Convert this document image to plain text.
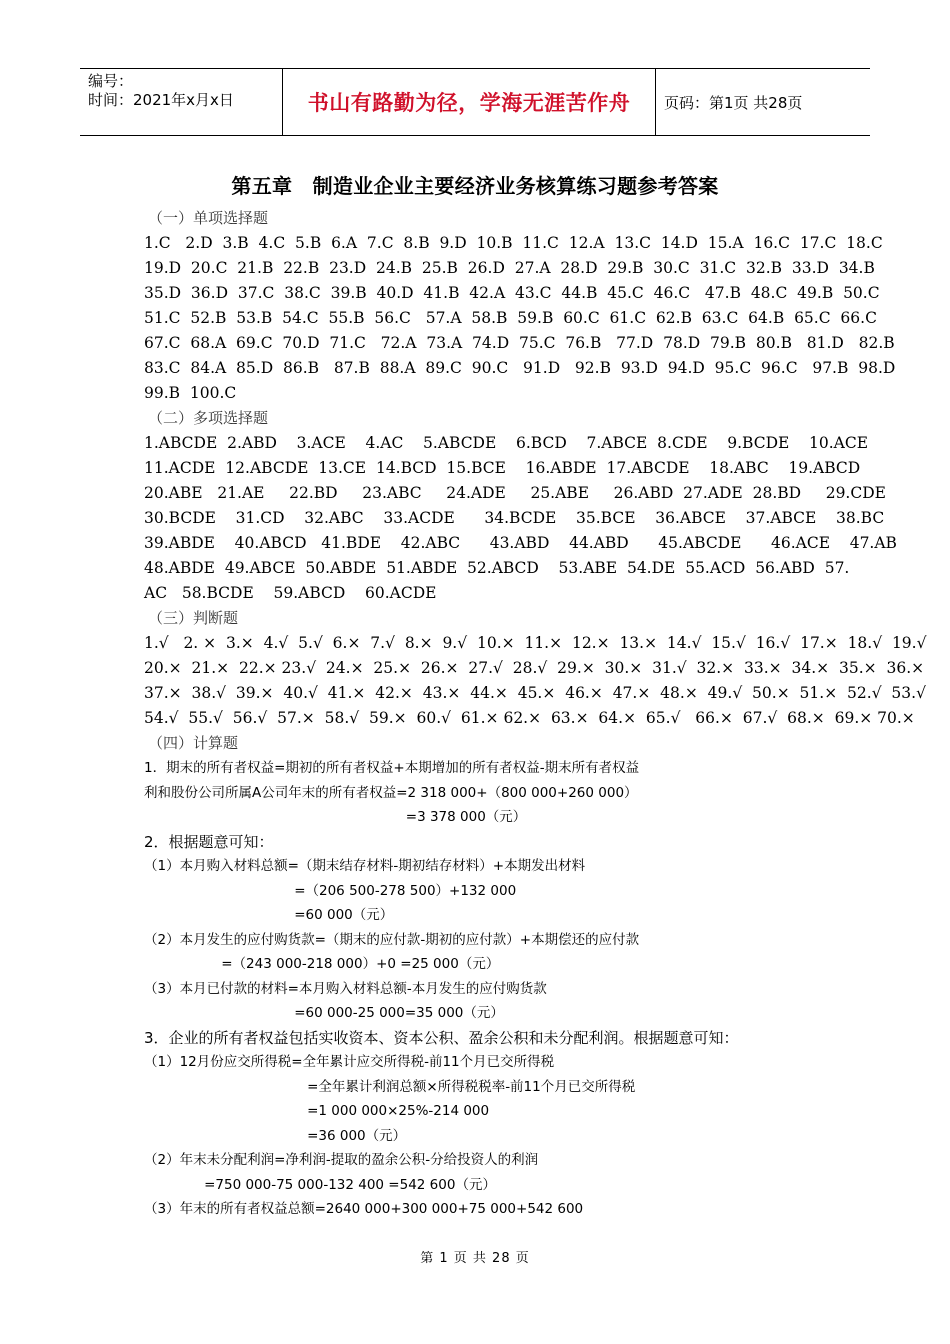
编号：
时间：2021年x月x日	书山有路勤为径，学海无涯苦作舟 页码：第1页 共28页
第五章　制造业企业主要经济业务核算练习题参考答案
（一）单项选择题
1.C   2.D  3.B  4.C  5.B  6.A  7.C  8.B  9.D  10.B  11.C  12.A  13.C  14.D  15.A  16.C  17.C  18.C
19.D  20.C  21.B  22.B  23.D  24.B  25.B  26.D  27.A  28.D  29.B  30.C  31.C  32.B  33.D  34.B
35.D  36.D  37.C  38.C  39.B  40.D  41.B  42.A  43.C  44.B  45.C  46.C   47.B  48.C  49.B  50.C
51.C  52.B  53.B  54.C  55.B  56.C   57.A  58.B  59.B  60.C  61.C  62.B  63.C  64.B  65.C  66.C
67.C  68.A  69.C  70.D  71.C   72.A  73.A  74.D  75.C  76.B   77.D  78.D  79.B  80.B   81.D   82.B
83.C  84.A  85.D  86.B   87.B  88.A  89.C  90.C   91.D   92.B  93.D  94.D  95.C  96.C   97.B  98.D
99.B  100.C
（二）多项选择题
1.ABCDE  2.ABD    3.ACE    4.AC    5.ABCDE    6.BCD    7.ABCE  8.CDE    9.BCDE    10.ACE
11.ACDE  12.ABCDE  13.CE  14.BCD  15.BCE    16.ABDE  17.ABCDE    18.ABC    19.ABCD
20.ABE   21.AE     22.BD     23.ABC     24.ADE     25.ABE     26.ABD  27.ADE  28.BD     29.CDE
30.BCDE    31.CD    32.ABC    33.ACDE      34.BCDE    35.BCE    36.ABCE    37.ABCE    38.BC
39.ABDE    40.ABCD   41.BDE    42.ABC      43.ABD    44.ABD      45.ABCDE      46.ACE    47.AB
48.ABDE  49.ABCE  50.ABDE  51.ABDE  52.ABCD    53.ABE  54.DE  55.ACD  56.ABD  57.
AC   58.BCDE    59.ABCD    60.ACDE
（三）判断题
1.√   2. ×  3.×  4.√  5.√  6.×  7.√  8.×  9.√  10.×  11.×  12.×  13.×  14.√  15.√  16.√  17.×  18.√  19.√
20.×  21.×  22.× 23.√  24.×  25.×  26.×  27.√  28.√  29.×  30.×  31.√  32.×  33.×  34.×  35.×  36.×
37.×  38.√  39.×  40.√  41.×  42.×  43.×  44.×  45.×  46.×  47.×  48.×  49.√  50.×  51.×  52.√  53.√
54.√  55.√  56.√  57.×  58.√  59.×  60.√  61.× 62.×  63.×  64.×  65.√   66.×  67.√  68.×  69.× 70.×
（四）计算题
1．期末的所有者权益=期初的所有者权益+本期增加的所有者权益-期末所有者权益
利和股份公司所属A公司年末的所有者权益=2 318 000+（800 000+260 000）
=3 378 000（元）
2．根据题意可知：
（1）本月购入材料总额=（期末结存材料-期初结存材料）+本期发出材料
=（206 500-278 500）+132 000
=60 000（元）
（2）本月发生的应付购货款=（期末的应付款-期初的应付款）+本期偿还的应付款
=（243 000-218 000）+0 =25 000（元）
（3）本月已付款的材料=本月购入材料总额-本月发生的应付购货款
=60 000-25 000=35 000（元）
3．企业的所有者权益包括实收资本、资本公积、盈余公积和未分配利润。根据题意可知：
（1）12月份应交所得税=全年累计应交所得税-前11个月已交所得税
=全年累计利润总额×所得税税率-前11个月已交所得税
=1 000 000×25%-214 000
=36 000（元）
（2）年末未分配利润=净利润-提取的盈余公积-分给投资人的利润
=750 000-75 000-132 400 =542 600（元）
（3）年末的所有者权益总额=2640 000+300 000+75 000+542 600
第 1 页 共 28 页
